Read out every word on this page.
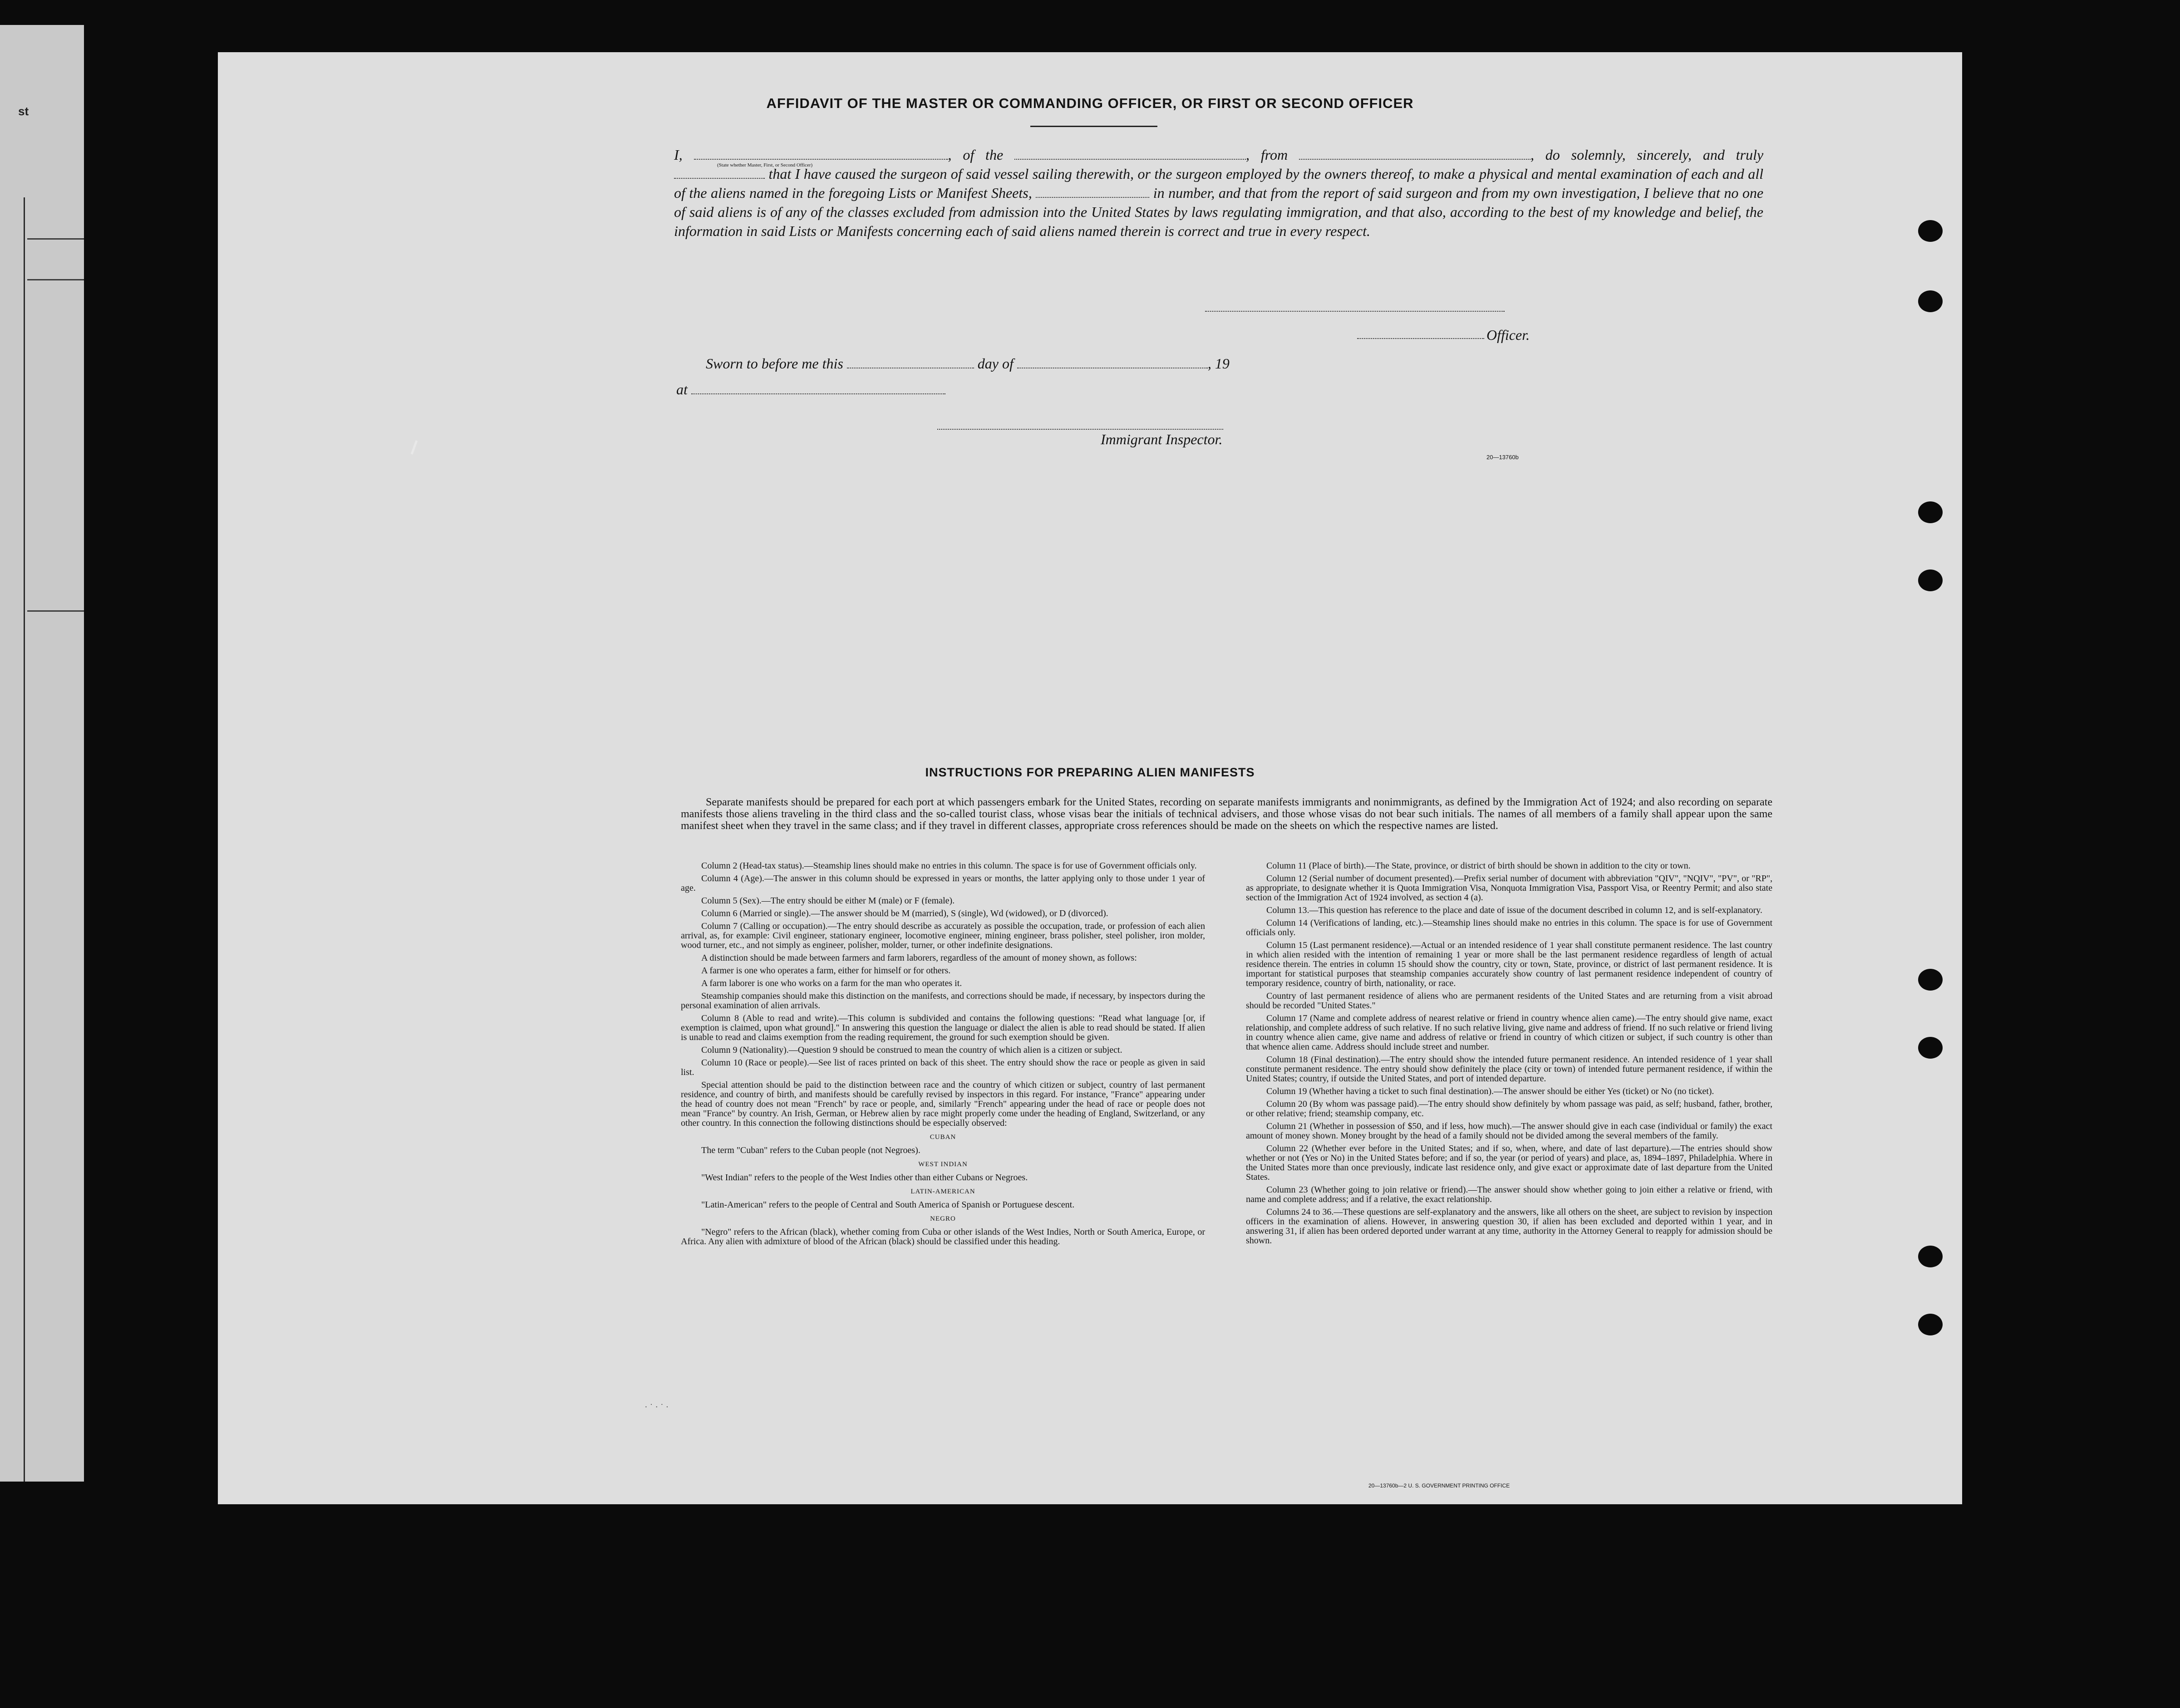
st	AFFIDAVIT OF THE MASTER OR COMMANDING OFFICER, OR FIRST OR SECOND OFFICER
I,	, of the	, from	, do solemnly, sincerely, and truly  that I have caused the surgeon of said vessel sailing therewith, or the surgeon employed by the owners thereof, to make a physical and mental examination of each and all of the aliens named in the foregoing Lists or Manifest Sheets,	in number, and that from the report of said surgeon and from my own investigation, I believe that no one of said aliens is of any of the classes excluded from admission into the United States by laws regulating immigration, and that also, according to the best of my knowledge and belief, the information in said Lists or Manifests concerning each of said aliens named therein is correct and true in every respect.
(State whether Master, First, or Second Officer)
Officer.
Sworn to before me this	day of	, 19
at
Immigrant Inspector.
20—13760b
INSTRUCTIONS FOR PREPARING ALIEN MANIFESTS
Separate manifests should be prepared for each port at which passengers embark for the United States, recording on separate manifests immigrants and nonimmigrants, as defined by the Immigration Act of 1924; and also recording on separate manifests those aliens traveling in the third class and the so-called tourist class, whose visas bear the initials of technical advisers, and those whose visas do not bear such initials. The names of all members of a family shall appear upon the same manifest sheet when they travel in the same class; and if they travel in different classes, appropriate cross references should be made on the sheets on which the respective names are listed.

Column 2 (Head-tax status).—Steamship lines should make no entries in this column. The space is for use of Government officials only.

Column 4 (Age).—The answer in this column should be expressed in years or months, the latter applying only to those under 1 year of age.

Column 5 (Sex).—The entry should be either M (male) or F (female).

Column 6 (Married or single).—The answer should be M (married), S (single), Wd (widowed), or D (divorced).

Column 7 (Calling or occupation).—The entry should describe as accurately as possible the occupation, trade, or profession of each alien arrival, as, for example: Civil engineer, stationary engineer, locomotive engineer, mining engineer, brass polisher, steel polisher, iron molder, wood turner, etc., and not simply as engineer, polisher, molder, turner, or other indefinite designations.

A distinction should be made between farmers and farm laborers, regardless of the amount of money shown, as follows:

A farmer is one who operates a farm, either for himself or for others.

A farm laborer is one who works on a farm for the man who operates it.

Steamship companies should make this distinction on the manifests, and corrections should be made, if necessary, by inspectors during the personal examination of alien arrivals.

Column 8 (Able to read and write).—This column is subdivided and contains the following questions: "Read what language [or, if exemption is claimed, upon what ground]." In answering this question the language or dialect the alien is able to read should be stated. If alien is unable to read and claims exemption from the reading requirement, the ground for such exemption should be given.

Column 9 (Nationality).—Question 9 should be construed to mean the country of which alien is a citizen or subject.

Column 10 (Race or people).—See list of races printed on back of this sheet. The entry should show the race or people as given in said list.

Special attention should be paid to the distinction between race and the country of which citizen or subject, country of last permanent residence, and country of birth, and manifests should be carefully revised by inspectors in this regard. For instance, "France" appearing under the head of country does not mean "French" by race or people, and, similarly "French" appearing under the head of race or people does not mean "France" by country. An Irish, German, or Hebrew alien by race might properly come under the heading of England, Switzerland, or any other country. In this connection the following distinctions should be especially observed:

CUBAN

The term "Cuban" refers to the Cuban people (not Negroes).

WEST INDIAN

"West Indian" refers to the people of the West Indies other than either Cubans or Negroes.

LATIN-AMERICAN

"Latin-American" refers to the people of Central and South America of Spanish or Portuguese descent.

NEGRO

"Negro" refers to the African (black), whether coming from Cuba or other islands of the West Indies, North or South America, Europe, or Africa. Any alien with admixture of blood of the African (black) should be classified under this heading.

Column 11 (Place of birth).—The State, province, or district of birth should be shown in addition to the city or town.

Column 12 (Serial number of document presented).—Prefix serial number of document with abbreviation "QIV", "NQIV", "PV", or "RP", as appropriate, to designate whether it is Quota Immigration Visa, Nonquota Immigration Visa, Passport Visa, or Reentry Permit; and also state section of the Immigration Act of 1924 involved, as section 4 (a).

Column 13.—This question has reference to the place and date of issue of the document described in column 12, and is self-explanatory.

Column 14 (Verifications of landing, etc.).—Steamship lines should make no entries in this column. The space is for use of Government officials only.

Column 15 (Last permanent residence).—Actual or an intended residence of 1 year shall constitute permanent residence. The last country in which alien resided with the intention of remaining 1 year or more shall be the last permanent residence regardless of length of actual residence therein. The entries in column 15 should show the country, city or town, State, province, or district of last permanent residence. It is important for statistical purposes that steamship companies accurately show country of last permanent residence independent of country of temporary residence, country of birth, nationality, or race.

Country of last permanent residence of aliens who are permanent residents of the United States and are returning from a visit abroad should be recorded "United States."

Column 17 (Name and complete address of nearest relative or friend in country whence alien came).—The entry should give name, exact relationship, and complete address of such relative. If no such relative living, give name and address of friend. If no such relative or friend living in country whence alien came, give name and address of relative or friend in country of which citizen or subject, if such country is other than that whence alien came. Address should include street and number.

Column 18 (Final destination).—The entry should show the intended future permanent residence. An intended residence of 1 year shall constitute permanent residence. The entry should show definitely the place (city or town) of intended future permanent residence, if within the United States; country, if outside the United States, and port of intended departure.

Column 19 (Whether having a ticket to such final destination).—The answer should be either Yes (ticket) or No (no ticket).

Column 20 (By whom was passage paid).—The entry should show definitely by whom passage was paid, as self; husband, father, brother, or other relative; friend; steamship company, etc.

Column 21 (Whether in possession of $50, and if less, how much).—The answer should give in each case (individual or family) the exact amount of money shown. Money brought by the head of a family should not be divided among the several members of the family.

Column 22 (Whether ever before in the United States; and if so, when, where, and date of last departure).—The entries should show whether or not (Yes or No) in the United States before; and if so, the year (or period of years) and place, as, 1894–1897, Philadelphia. Where in the United States more than once previously, indicate last residence only, and give exact or approximate date of last departure from the United States.

Column 23 (Whether going to join relative or friend).—The answer should show whether going to join either a relative or friend, with name and complete address; and if a relative, the exact relationship.

Columns 24 to 36.—These questions are self-explanatory and the answers, like all others on the sheet, are subject to revision by inspection officers in the examination of aliens. However, in answering question 30, if alien has been excluded and deported within 1 year, and in answering 31, if alien has been ordered deported under warrant at any time, authority in the Attorney General to reapply for admission should be shown.

20—13760b—2 U. S. GOVERNMENT PRINTING OFFICE
· ˙ · ˙ ·
